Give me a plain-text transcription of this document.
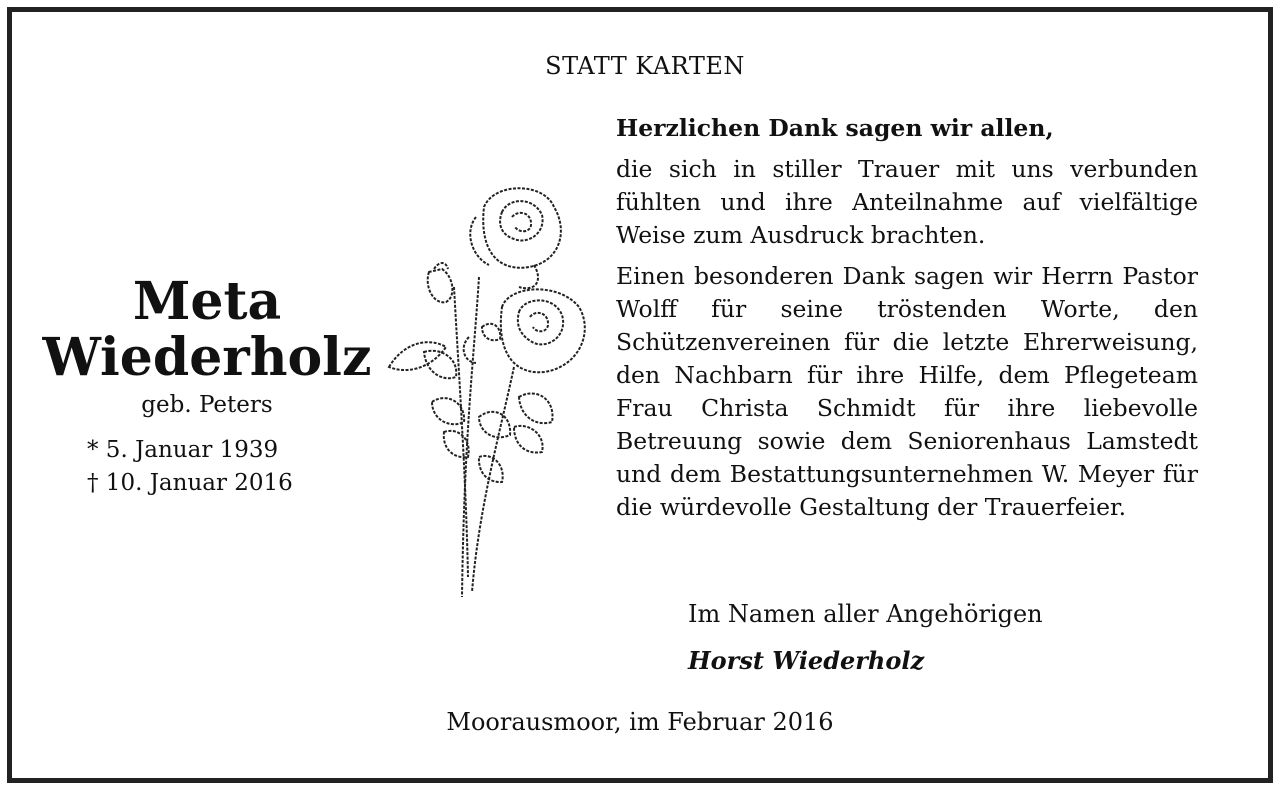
STATT KARTEN
Meta
Wiederholz
geb. Peters
* 5. Januar 1939
† 10. Januar 2016
Herzlichen Dank sagen wir allen,
die sich in stiller Trauer mit uns verbunden fühlten und ihre Anteilnahme auf vielfältige Weise zum Ausdruck brachten.
Einen besonderen Dank sagen wir Herrn Pastor Wolff für seine tröstenden Worte, den Schützenvereinen für die letzte Ehrerweisung, den Nachbarn für ihre Hilfe, dem Pflegeteam Frau Christa Schmidt für ihre liebevolle Betreuung sowie dem Seniorenhaus Lamstedt und dem Bestattungsunternehmen W. Meyer für die würdevolle Gestaltung der Trauerfeier.
Im Namen aller Angehörigen
Horst Wiederholz
Moorausmoor, im Februar 2016
